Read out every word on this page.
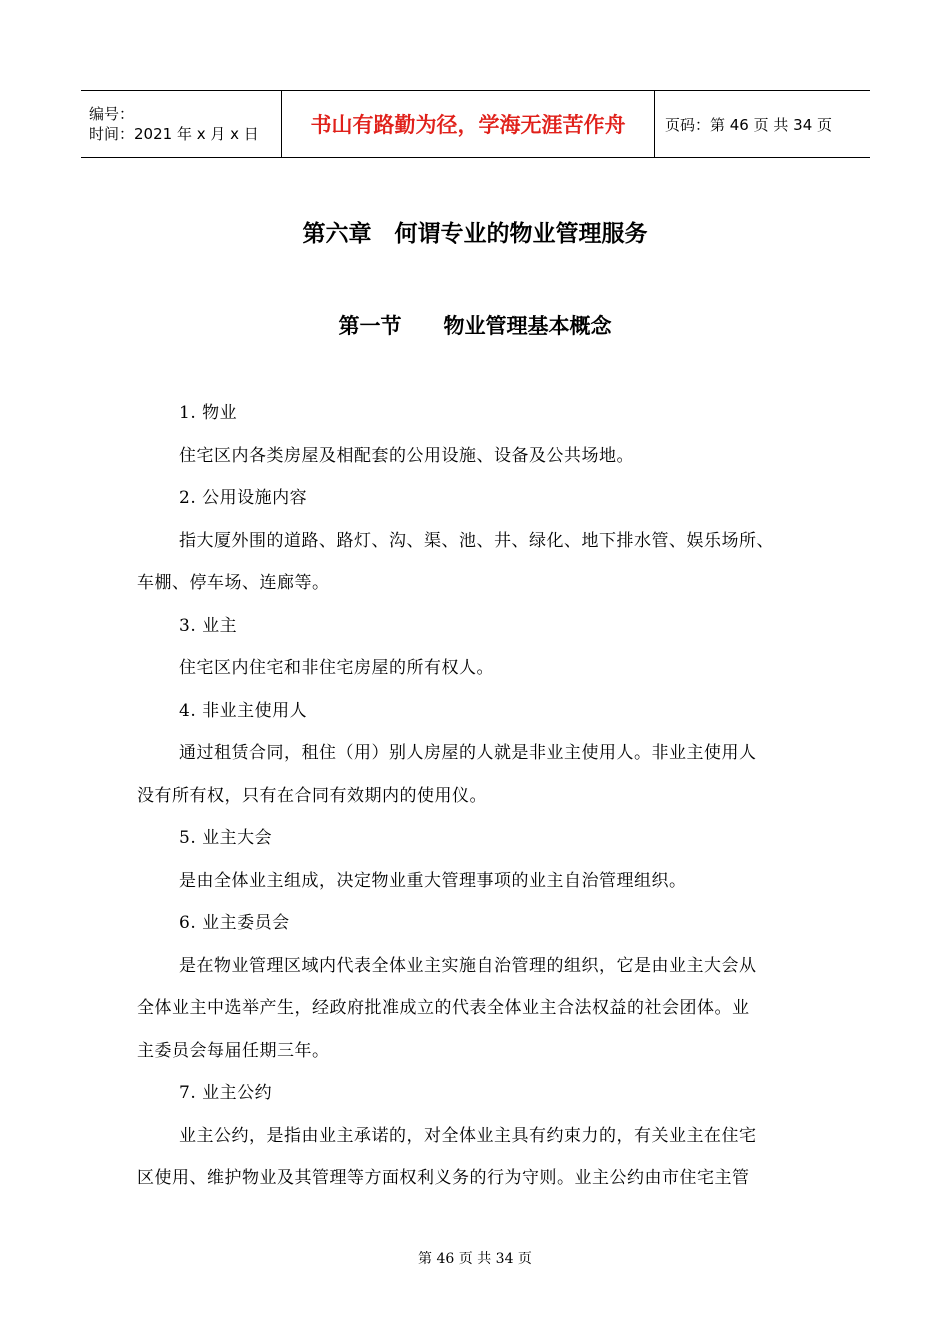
编号：
时间：2021 年 x 月 x 日	书山有路勤为径，学海无涯苦作舟	页码：第 46 页 共 34 页
第六章　何谓专业的物业管理服务
第一节　　物业管理基本概念
1. 物业
住宅区内各类房屋及相配套的公用设施、设备及公共场地。
2. 公用设施内容
指大厦外围的道路、路灯、沟、渠、池、井、绿化、地下排水管、娱乐场所、
车棚、停车场、连廊等。
3. 业主
住宅区内住宅和非住宅房屋的所有权人。
4. 非业主使用人
通过租赁合同，租住（用）别人房屋的人就是非业主使用人。非业主使用人
没有所有权，只有在合同有效期内的使用仪。
5. 业主大会
是由全体业主组成，决定物业重大管理事项的业主自治管理组织。
6. 业主委员会
是在物业管理区域内代表全体业主实施自治管理的组织，它是由业主大会从
全体业主中选举产生，经政府批准成立的代表全体业主合法权益的社会团体。业
主委员会每届任期三年。
7. 业主公约
业主公约，是指由业主承诺的，对全体业主具有约束力的，有关业主在住宅
区使用、维护物业及其管理等方面权利义务的行为守则。业主公约由市住宅主管
第 46 页 共 34 页
